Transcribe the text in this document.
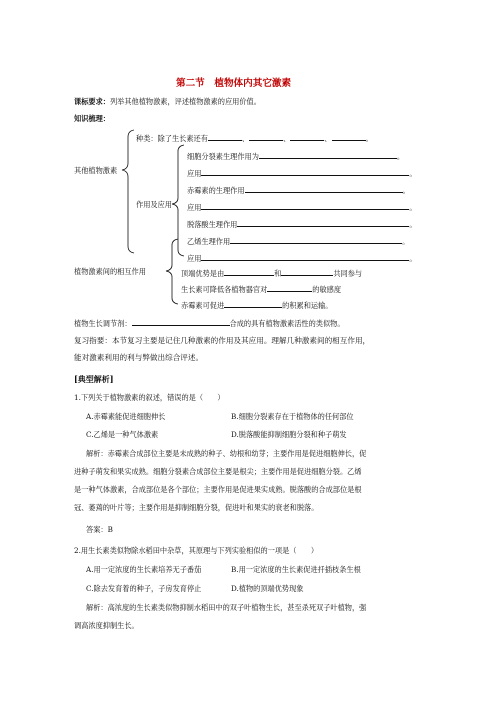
第二节　植物体内其它激素
课标要求：列举其他植物激素，评述植物激素的应用价值。
知识梳理：
种类：除了生长素还有	、	、	、	。
其他植物激素
作用及应用
细胞分裂素生理作用为	。
应用	。
赤霉素的生理作用	。
应用	。
脱落酸生理作用	。
乙烯生理作用	。
应用	。
植物激素间的相互作用	顶端优势是由	和	共同参与
生长素可降低各植物器官对	的敏感度
赤霉素可促进	的积累和运输。
植物生长调节剂：	合成的具有植物激素活性的类似物。
复习指要：本节复习主要是记住几种激素的作用及其应用。理解几种激素间的相互作用，
能对激素利用的利与弊做出综合评述。
[典型解析]
1.下列关于植物激素的叙述，错误的是（　　）
A.赤霉素能促进细胞伸长	B.细胞分裂素存在于植物体的任何部位
C.乙烯是一种气体激素	D.脱落酸能抑制细胞分裂和种子萌发
解析：赤霉素合成部位主要是未成熟的种子、幼根和幼芽；主要作用是促进细胞伸长，促
进种子萌发和果实成熟。细胞分裂素合成部位主要是根尖；主要作用是促进细胞分裂。乙烯
是一种气体激素，合成部位是各个部位；主要作用是促进果实成熟。脱落酸的合成部位是根
冠、萎蔫的叶片等；主要作用是抑制细胞分裂，促进叶和果实的衰老和脱落。
答案：B
2.用生长素类似物除水稻田中杂草，其原理与下列实验相似的一项是（　　）
A.用一定浓度的生长素培养无子番茄	B.用一定浓度的生长素促进扦插枝条生根
C.除去发育着的种子，子房发育停止	D.植物的顶端优势现象
解析：高浓度的生长素类似物抑制水稻田中的双子叶植物生长，甚至杀死双子叶植物，强
调高浓度抑制生长。
